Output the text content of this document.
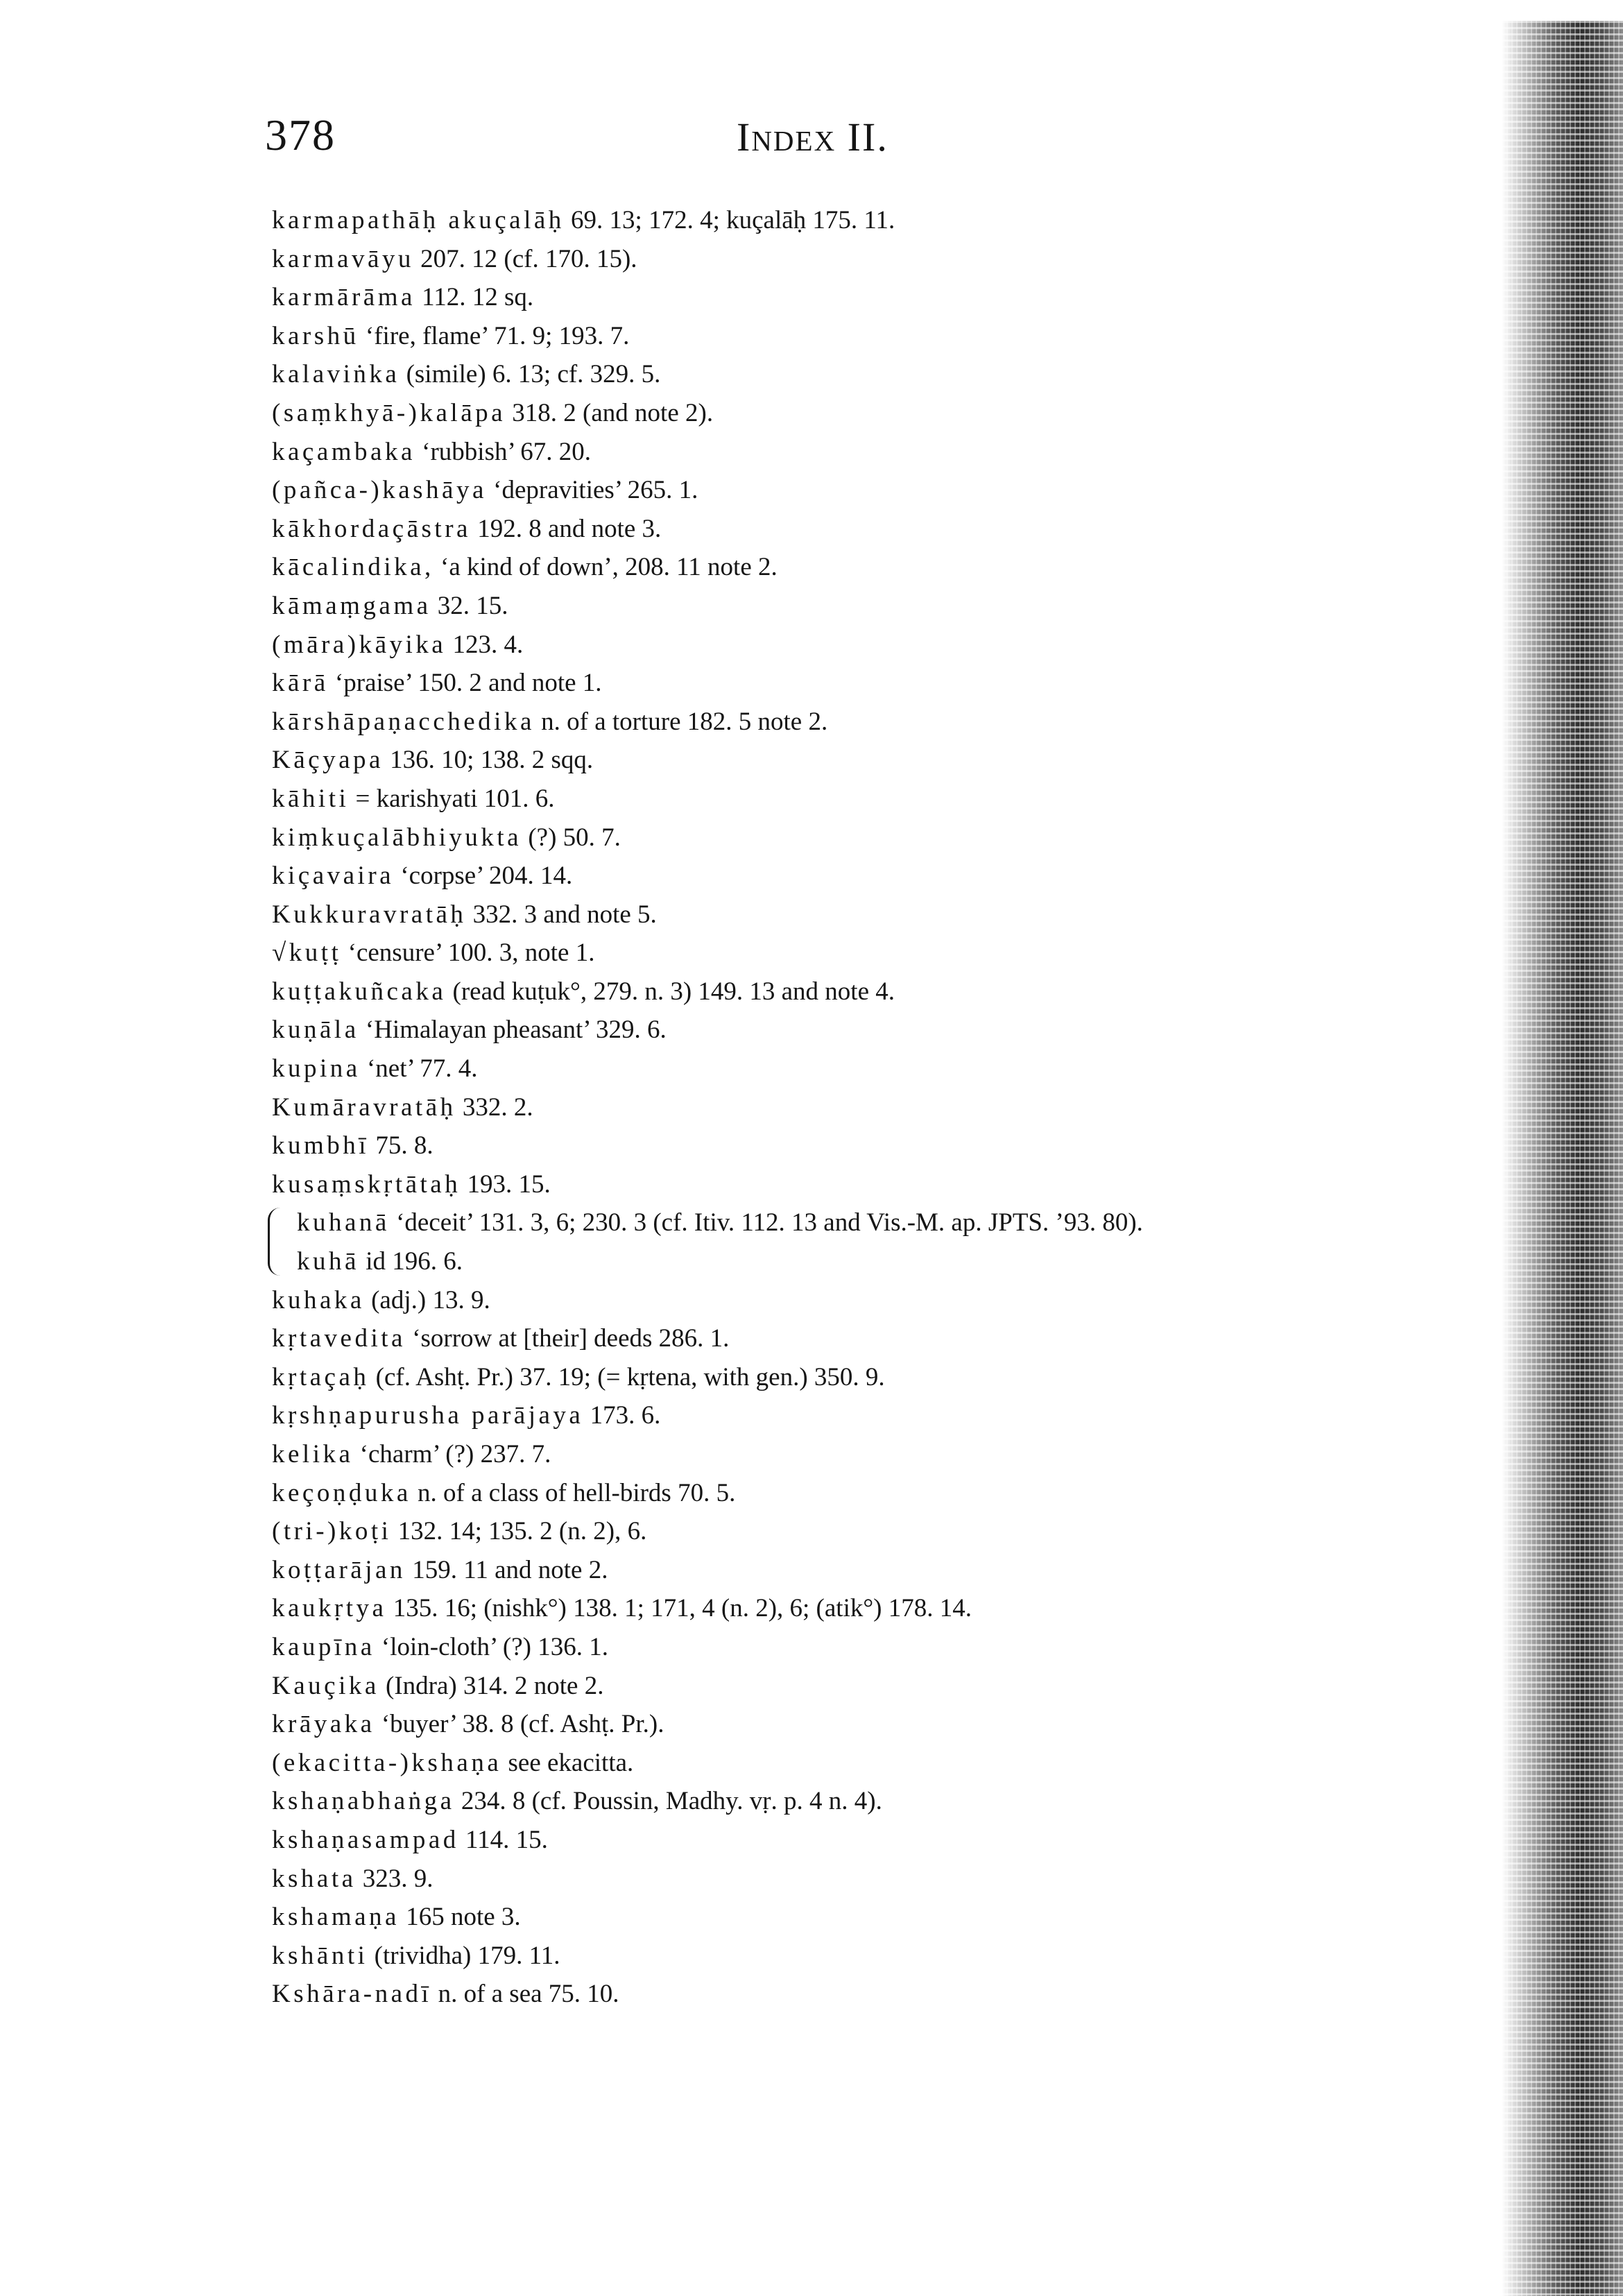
378	Index II.
karmapathāḥ akuçalāḥ 69. 13; 172. 4; kuçalāḥ 175. 11.
karmavāyu 207. 12 (cf. 170. 15).
karmārāma 112. 12 sq.
karshū ‘fire, flame’ 71. 9; 193. 7.
kalaviṅka (simile) 6. 13; cf. 329. 5.
(saṃkhyā-)kalāpa 318. 2 (and note 2).
kaçambaka ‘rubbish’ 67. 20.
(pañca-)kashāya ‘depravities’ 265. 1.
kākhordaçāstra 192. 8 and note 3.
kācalindika, ‘a kind of down’, 208. 11 note 2.
kāmaṃgama 32. 15.
(māra)kāyika 123. 4.
kārā ‘praise’ 150. 2 and note 1.
kārshāpaṇacchedika n. of a torture 182. 5 note 2.
Kāçyapa 136. 10; 138. 2 sqq.
kāhiti = karishyati 101. 6.
kiṃkuçalābhiyukta (?) 50. 7.
kiçavaira ‘corpse’ 204. 14.
Kukkuravratāḥ 332. 3 and note 5.
√kuṭṭ ‘censure’ 100. 3, note 1.
kuṭṭakuñcaka (read kuṭuk°, 279. n. 3) 149. 13 and note 4.
kuṇāla ‘Himalayan pheasant’ 329. 6.
kupina ‘net’ 77. 4.
Kumāravratāḥ 332. 2.
kumbhī 75. 8.
kusaṃskṛtātaḥ 193. 15.
kuhanā ‘deceit’ 131. 3, 6; 230. 3 (cf. Itiv. 112. 13 and Vis.-M. ap. JPTS. ’93. 80).
kuhā id 196. 6.
kuhaka (adj.) 13. 9.
kṛtavedita ‘sorrow at [their] deeds 286. 1.
kṛtaçaḥ (cf. Ashṭ. Pr.) 37. 19; (= kṛtena, with gen.) 350. 9.
kṛshṇapurusha parājaya 173. 6.
kelika ‘charm’ (?) 237. 7.
keçoṇḍuka n. of a class of hell-birds 70. 5.
(tri-)koṭi 132. 14; 135. 2 (n. 2), 6.
koṭṭarājan 159. 11 and note 2.
kaukṛtya 135. 16; (nishk°) 138. 1; 171, 4 (n. 2), 6; (atik°) 178. 14.
kaupīna ‘loin-cloth’ (?) 136. 1.
Kauçika (Indra) 314. 2 note 2.
krāyaka ‘buyer’ 38. 8 (cf. Ashṭ. Pr.).
(ekacitta-)kshaṇa see ekacitta.
kshaṇabhaṅga 234. 8 (cf. Poussin, Madhy. vṛ. p. 4 n. 4).
kshaṇasampad 114. 15.
kshata 323. 9.
kshamaṇa 165 note 3.
kshānti (trividha) 179. 11.
Kshāra-nadī n. of a sea 75. 10.
